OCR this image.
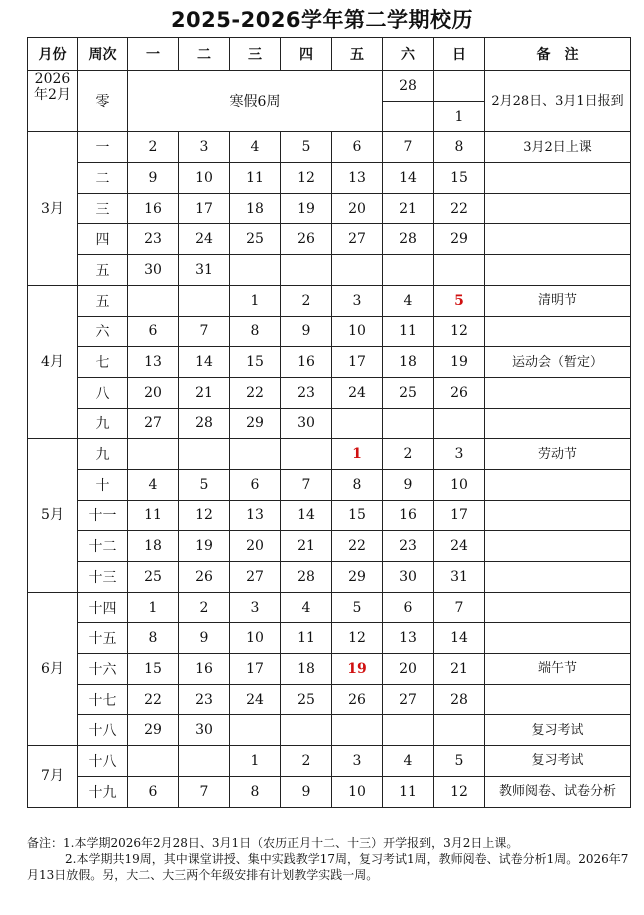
2025-2026学年第二学期校历
月份	周次	一	二	三	四	五	六	日	备　注
2026年2月	零	寒假6周					28		2月28日、3月1日报到
								1	
3月	一	2	3	4	5	6	7	8	3月2日上课
	二	9	10	11	12	13	14	15	
	三	16	17	18	19	20	21	22	
	四	23	24	25	26	27	28	29	
	五	30	31						
4月	五			1	2	3	4	5	清明节
	六	6	7	8	9	10	11	12	
	七	13	14	15	16	17	18	19	运动会（暂定）
	八	20	21	22	23	24	25	26	
	九	27	28	29	30				
5月	九					1	2	3	劳动节
	十	4	5	6	7	8	9	10	
	十一	11	12	13	14	15	16	17	
	十二	18	19	20	21	22	23	24	
	十三	25	26	27	28	29	30	31	
6月	十四	1	2	3	4	5	6	7	
	十五	8	9	10	11	12	13	14	
	十六	15	16	17	18	19	20	21	端午节
	十七	22	23	24	25	26	27	28	
	十八	29	30						复习考试
7月	十八			1	2	3	4	5	复习考试
	十九	6	7	8	9	10	11	12	教师阅卷、试卷分析
备注：1.本学期2026年2月28日、3月1日（农历正月十二、十三）开学报到，3月2日上课。
2.本学期共19周，其中课堂讲授、集中实践教学17周，复习考试1周，教师阅卷、试卷分析1周。2026年7月13日放假。另，大二、大三两个年级安排有计划教学实践一周。
